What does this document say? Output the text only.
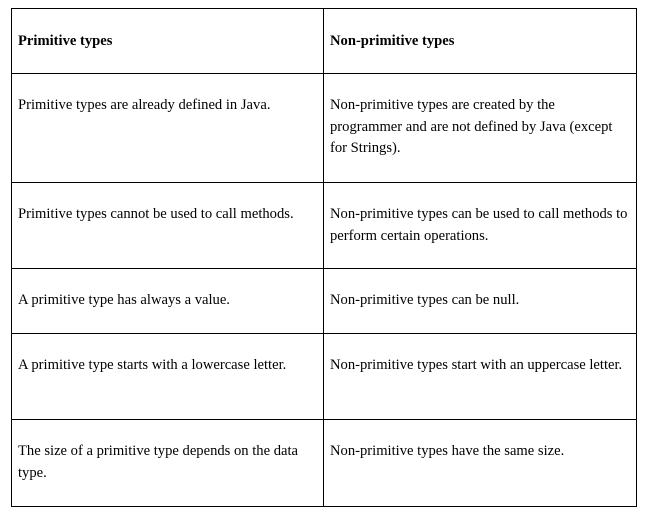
Primitive types	Non-primitive types
Primitive types are already defined in Java.	Non-primitive types are created by the programmer and are not defined by Java (except for Strings).
Primitive types cannot be used to call methods.	Non-primitive types can be used to call methods to perform certain operations.
A primitive type has always a value.	Non-primitive types can be null.
A primitive type starts with a lowercase letter.	Non-primitive types start with an uppercase letter.
The size of a primitive type depends on the data type.	Non-primitive types have the same size.
